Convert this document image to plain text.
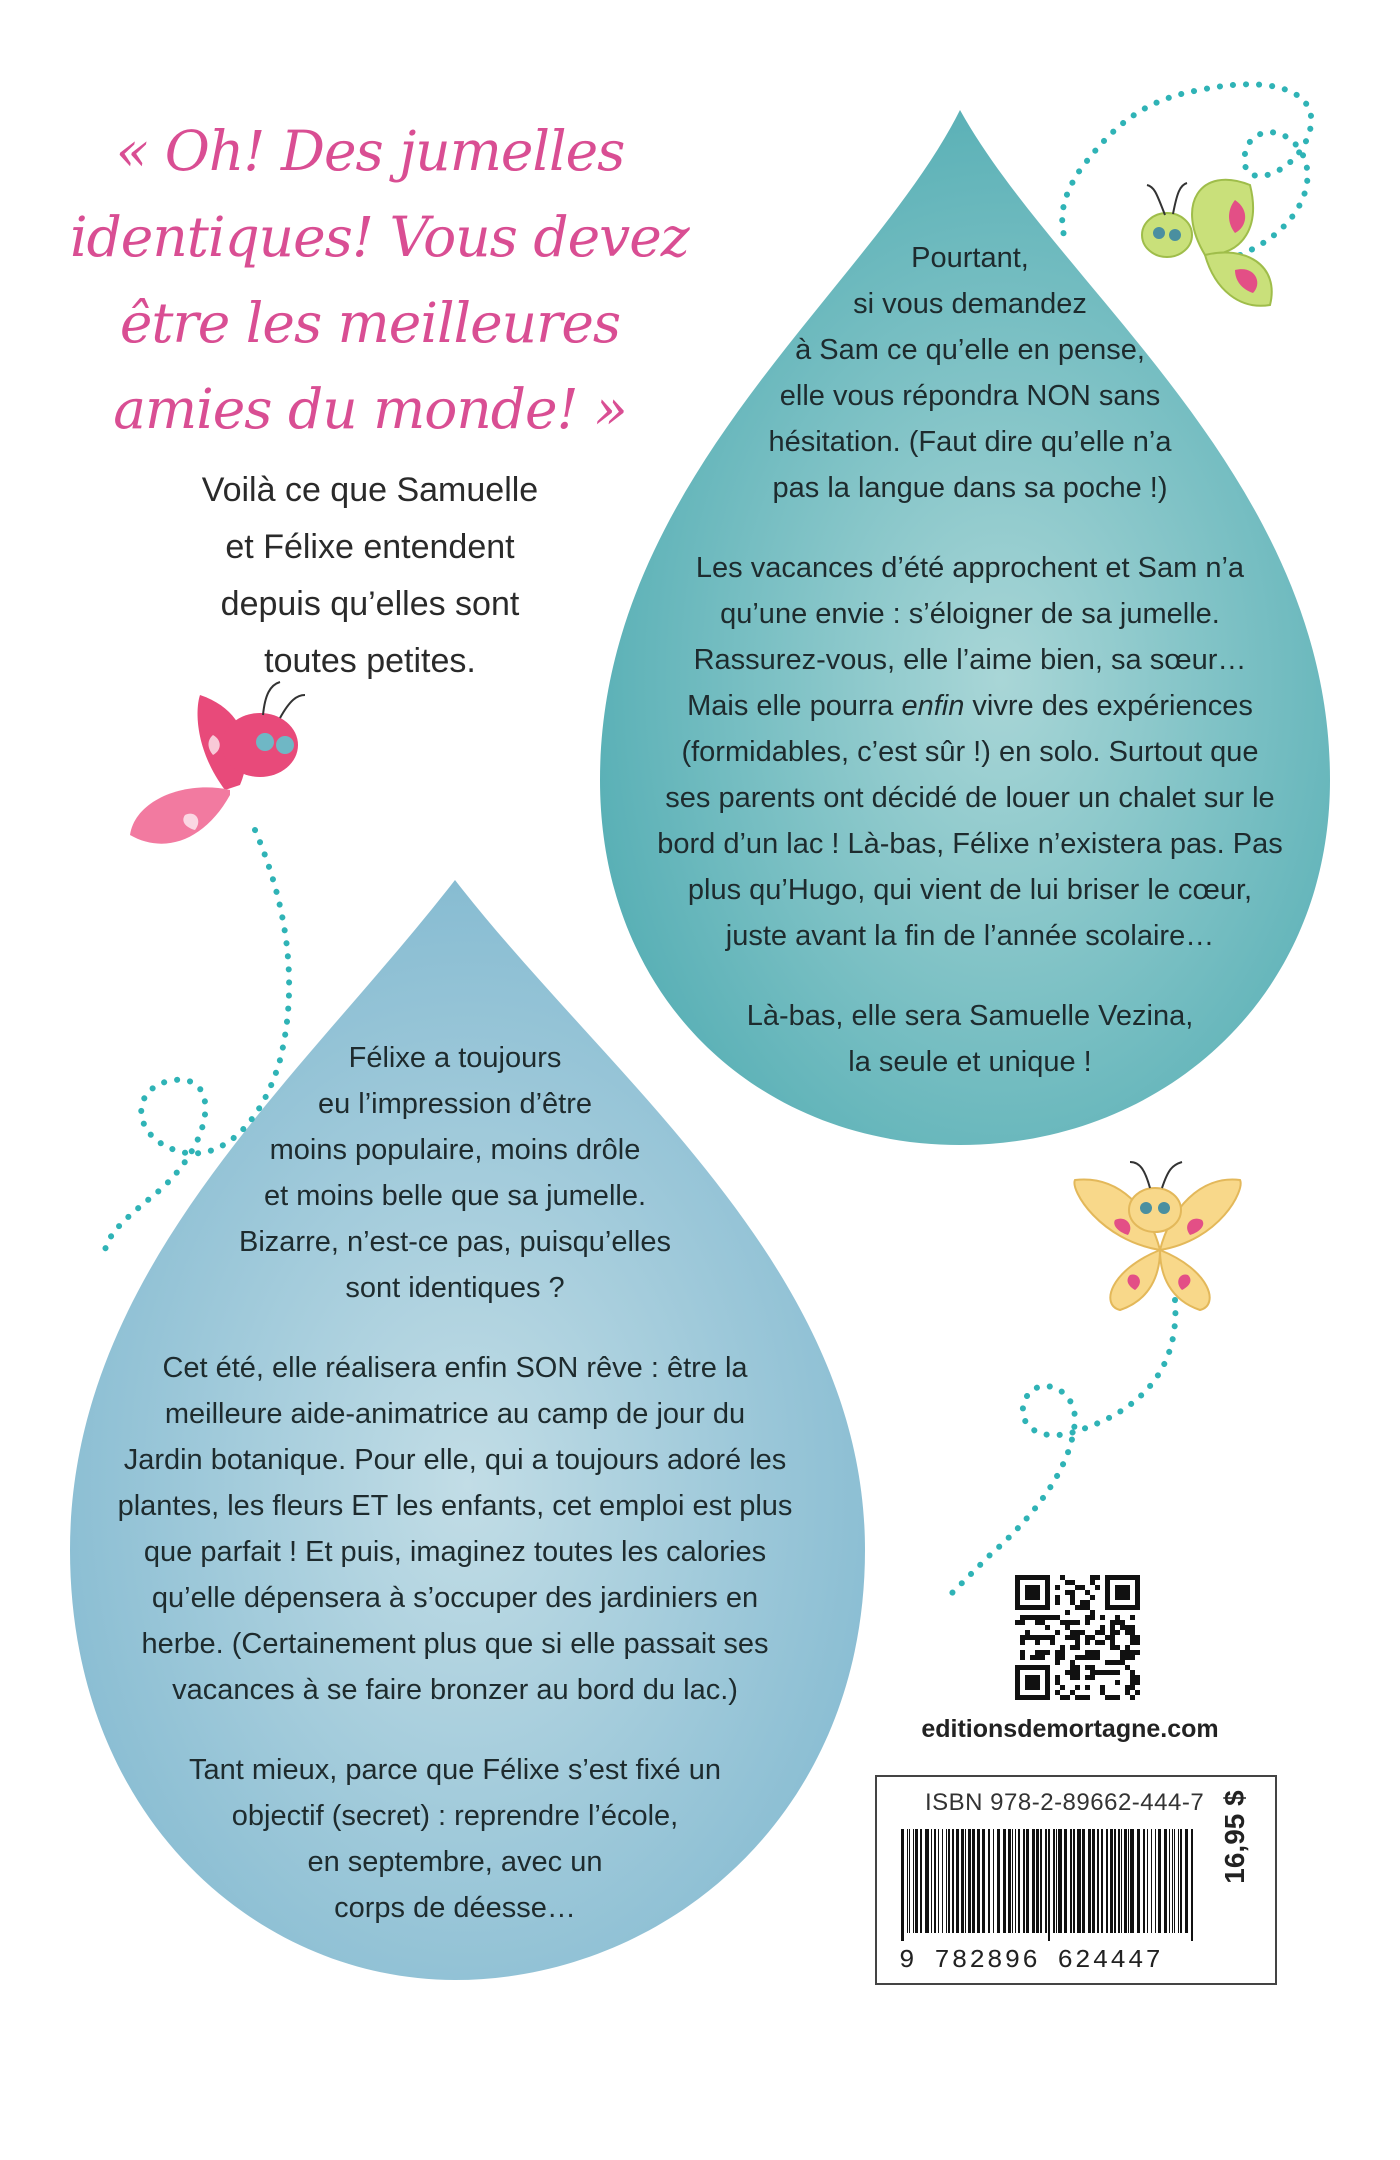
« Oh! Des jumelles
identiques! Vous devez
être les meilleures
amies du monde! »
Voilà ce que Samuelle
et Félixe entendent
depuis qu’elles sont
toutes petites.

Pourtant,
si vous demandez
à Sam ce qu’elle en pense,
elle vous répondra NON sans
hésitation. (Faut dire qu’elle n’a
pas la langue dans sa poche !)

Les vacances d’été approchent et Sam n’a
qu’une envie : s’éloigner de sa jumelle.
Rassurez-vous, elle l’aime bien, sa sœur…
Mais elle pourra enfin vivre des expériences
(formidables, c’est sûr !) en solo. Surtout que
ses parents ont décidé de louer un chalet sur le
bord d’un lac ! Là-bas, Félixe n’existera pas. Pas
plus qu’Hugo, qui vient de lui briser le cœur,
juste avant la fin de l’année scolaire…

Là-bas, elle sera Samuelle Vezina,
la seule et unique !

Félixe a toujours
eu l’impression d’être
moins populaire, moins drôle
et moins belle que sa jumelle.
Bizarre, n’est-ce pas, puisqu’elles
sont identiques ?

Cet été, elle réalisera enfin SON rêve : être la
meilleure aide-animatrice au camp de jour du
Jardin botanique. Pour elle, qui a toujours adoré les
plantes, les fleurs ET les enfants, cet emploi est plus
que parfait ! Et puis, imaginez toutes les calories
qu’elle dépensera à s’occuper des jardiniers en
herbe. (Certainement plus que si elle passait ses
vacances à se faire bronzer au bord du lac.)

Tant mieux, parce que Félixe s’est fixé un
objectif (secret) : reprendre l’école,
en septembre, avec un
corps de déesse…

editionsdemortagne.com
ISBN 978-2-89662-444-7
9 782896 624447
16,95 $
